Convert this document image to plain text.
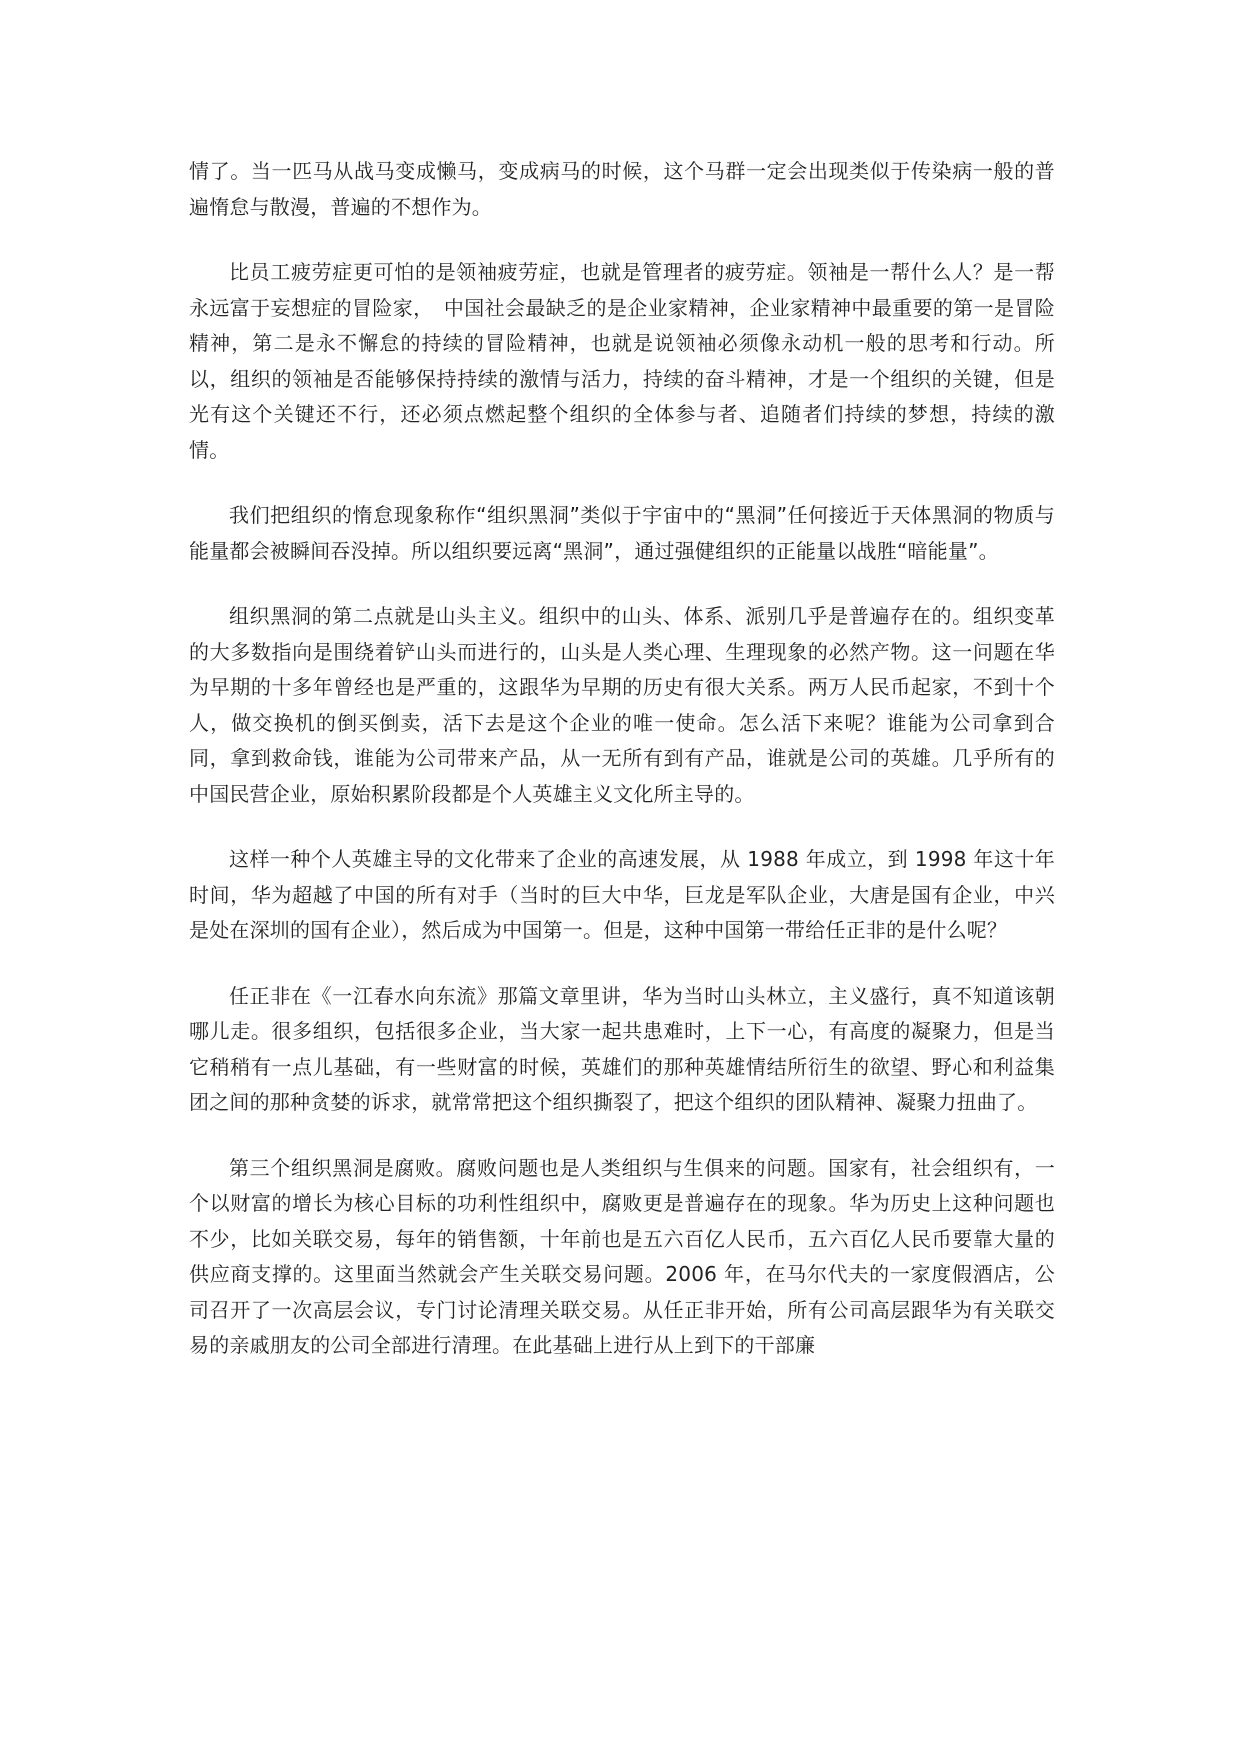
情了。当一匹马从战马变成懒马，变成病马的时候，这个马群一定会出现类似于传染病一般的普遍惰怠与散漫，普遍的不想作为。

比员工疲劳症更可怕的是领袖疲劳症，也就是管理者的疲劳症。领袖是一帮什么人？是一帮永远富于妄想症的冒险家，　中国社会最缺乏的是企业家精神，企业家精神中最重要的第一是冒险精神，第二是永不懈怠的持续的冒险精神，也就是说领袖必须像永动机一般的思考和行动。所以，组织的领袖是否能够保持持续的激情与活力，持续的奋斗精神，才是一个组织的关键，但是光有这个关键还不行，还必须点燃起整个组织的全体参与者、追随者们持续的梦想，持续的激情。

我们把组织的惰怠现象称作“组织黑洞”类似于宇宙中的“黑洞”任何接近于天体黑洞的物质与能量都会被瞬间吞没掉。所以组织要远离“黑洞”，通过强健组织的正能量以战胜“暗能量”。

组织黑洞的第二点就是山头主义。组织中的山头、体系、派别几乎是普遍存在的。组织变革的大多数指向是围绕着铲山头而进行的，山头是人类心理、生理现象的必然产物。这一问题在华为早期的十多年曾经也是严重的，这跟华为早期的历史有很大关系。两万人民币起家，不到十个人，做交换机的倒买倒卖，活下去是这个企业的唯一使命。怎么活下来呢？谁能为公司拿到合同，拿到救命钱，谁能为公司带来产品，从一无所有到有产品，谁就是公司的英雄。几乎所有的中国民营企业，原始积累阶段都是个人英雄主义文化所主导的。

这样一种个人英雄主导的文化带来了企业的高速发展，从 1988 年成立，到 1998 年这十年时间，华为超越了中国的所有对手（当时的巨大中华，巨龙是军队企业，大唐是国有企业，中兴是处在深圳的国有企业），然后成为中国第一。但是，这种中国第一带给任正非的是什么呢？

任正非在《一江春水向东流》那篇文章里讲，华为当时山头林立，主义盛行，真不知道该朝哪儿走。很多组织，包括很多企业，当大家一起共患难时，上下一心，有高度的凝聚力，但是当它稍稍有一点儿基础，有一些财富的时候，英雄们的那种英雄情结所衍生的欲望、野心和利益集团之间的那种贪婪的诉求，就常常把这个组织撕裂了，把这个组织的团队精神、凝聚力扭曲了。

第三个组织黑洞是腐败。腐败问题也是人类组织与生俱来的问题。国家有，社会组织有，一个以财富的增长为核心目标的功利性组织中，腐败更是普遍存在的现象。华为历史上这种问题也不少，比如关联交易，每年的销售额，十年前也是五六百亿人民币，五六百亿人民币要靠大量的供应商支撑的。这里面当然就会产生关联交易问题。2006 年，在马尔代夫的一家度假酒店，公司召开了一次高层会议，专门讨论清理关联交易。从任正非开始，所有公司高层跟华为有关联交易的亲戚朋友的公司全部进行清理。在此基础上进行从上到下的干部廉
